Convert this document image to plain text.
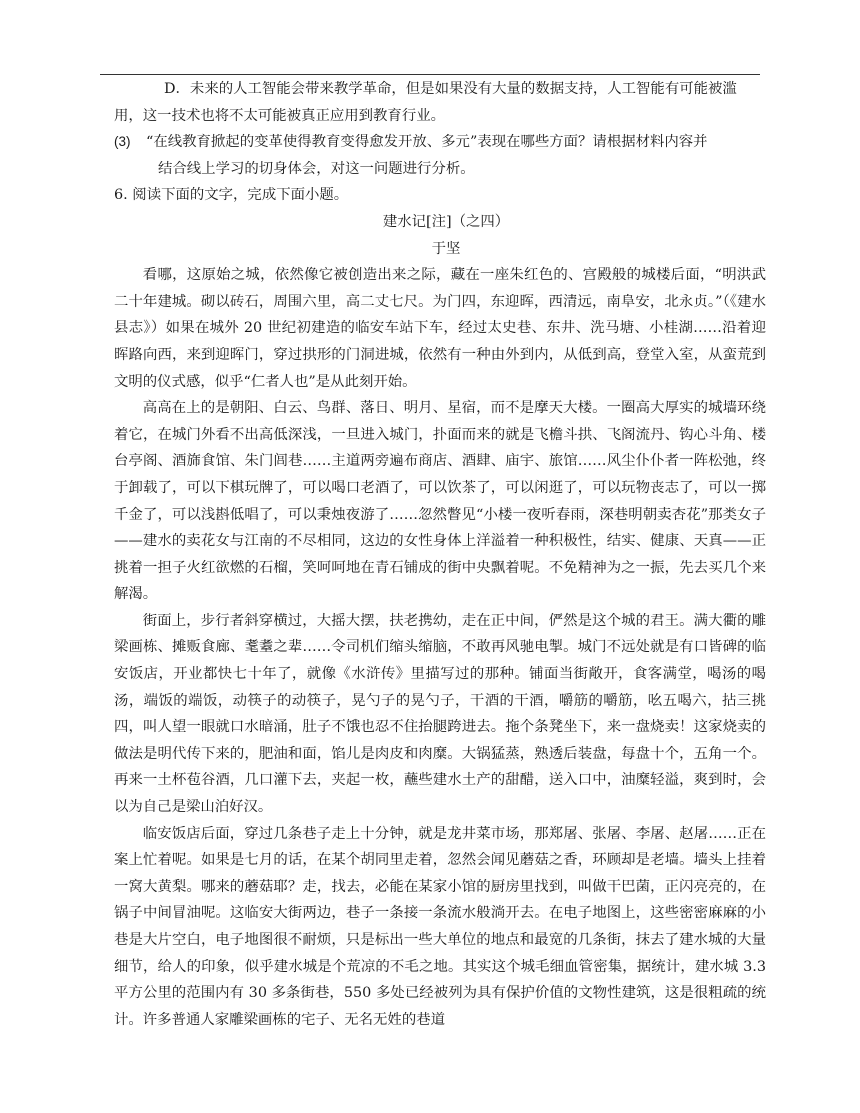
D．未来的人工智能会带来教学革命，但是如果没有大量的数据支持，人工智能有可能被滥

用，这一技术也将不太可能被真正应用到教育行业。

(3)	“在线教育掀起的变革使得教育变得愈发开放、多元”表现在哪些方面？请根据材料内容并

结合线上学习的切身体会，对这一问题进行分析。

6. 阅读下面的文字，完成下面小题。

建水记[注]（之四）

于坚

看哪，这原始之城，依然像它被创造出来之际，藏在一座朱红色的、宫殿般的城楼后面，“明洪武二十年建城。砌以砖石，周围六里，高二丈七尺。为门四，东迎晖，西清远，南阜安，北永贞。”（《建水县志》）如果在城外 20 世纪初建造的临安车站下车，经过太史巷、东井、洗马塘、小桂湖……沿着迎晖路向西，来到迎晖门，穿过拱形的门洞进城，依然有一种由外到内，从低到高，登堂入室，从蛮荒到文明的仪式感，似乎“仁者人也”是从此刻开始。

高高在上的是朝阳、白云、鸟群、落日、明月、星宿，而不是摩天大楼。一圈高大厚实的城墙环绕着它，在城门外看不出高低深浅，一旦进入城门，扑面而来的就是飞檐斗拱、飞阁流丹、钩心斗角、楼台亭阁、酒旆食馆、朱门闾巷……主道两旁遍布商店、酒肆、庙宇、旅馆……风尘仆仆者一阵松弛，终于卸载了，可以下棋玩牌了，可以喝口老酒了，可以饮茶了，可以闲逛了，可以玩物丧志了，可以一掷千金了，可以浅斟低唱了，可以秉烛夜游了……忽然瞥见“小楼一夜听春雨，深巷明朝卖杏花”那类女子——建水的卖花女与江南的不尽相同，这边的女性身体上洋溢着一种积极性，结实、健康、天真——正挑着一担子火红欲燃的石榴，笑呵呵地在青石铺成的街中央飘着呢。不免精神为之一振，先去买几个来解渴。

街面上，步行者斜穿横过，大摇大摆，扶老携幼，走在正中间，俨然是这个城的君王。满大衢的雕梁画栋、摊贩食廊、耄耋之辈……令司机们缩头缩脑，不敢再风驰电掣。城门不远处就是有口皆碑的临安饭店，开业都快七十年了，就像《水浒传》里描写过的那种。铺面当街敞开，食客满堂，喝汤的喝汤，端饭的端饭，动筷子的动筷子，晃勺子的晃勺子，干酒的干酒，嚼筋的嚼筋，吆五喝六，拈三挑四，叫人望一眼就口水暗涌，肚子不饿也忍不住抬腿跨进去。拖个条凳坐下，来一盘烧卖！这家烧卖的做法是明代传下来的，肥油和面，馅儿是肉皮和肉糜。大锅猛蒸，熟透后装盘，每盘十个，五角一个。再来一土杯苞谷酒，几口灌下去，夹起一枚，蘸些建水土产的甜醋，送入口中，油糜轻溢，爽到时，会以为自己是梁山泊好汉。

临安饭店后面，穿过几条巷子走上十分钟，就是龙井菜市场，那郑屠、张屠、李屠、赵屠……正在案上忙着呢。如果是七月的话，在某个胡同里走着，忽然会闻见蘑菇之香，环顾却是老墙。墙头上挂着一窝大黄梨。哪来的蘑菇耶？走，找去，必能在某家小馆的厨房里找到，叫做干巴菌，正闪亮亮的，在锅子中间冒油呢。这临安大街两边，巷子一条接一条流水般淌开去。在电子地图上，这些密密麻麻的小巷是大片空白，电子地图很不耐烦，只是标出一些大单位的地点和最宽的几条街，抹去了建水城的大量细节，给人的印象，似乎建水城是个荒凉的不毛之地。其实这个城毛细血管密集，据统计，建水城 3.3 平方公里的范围内有 30 多条街巷，550 多处已经被列为具有保护价值的文物性建筑，这是很粗疏的统计。许多普通人家雕梁画栋的宅子、无名无姓的巷道
